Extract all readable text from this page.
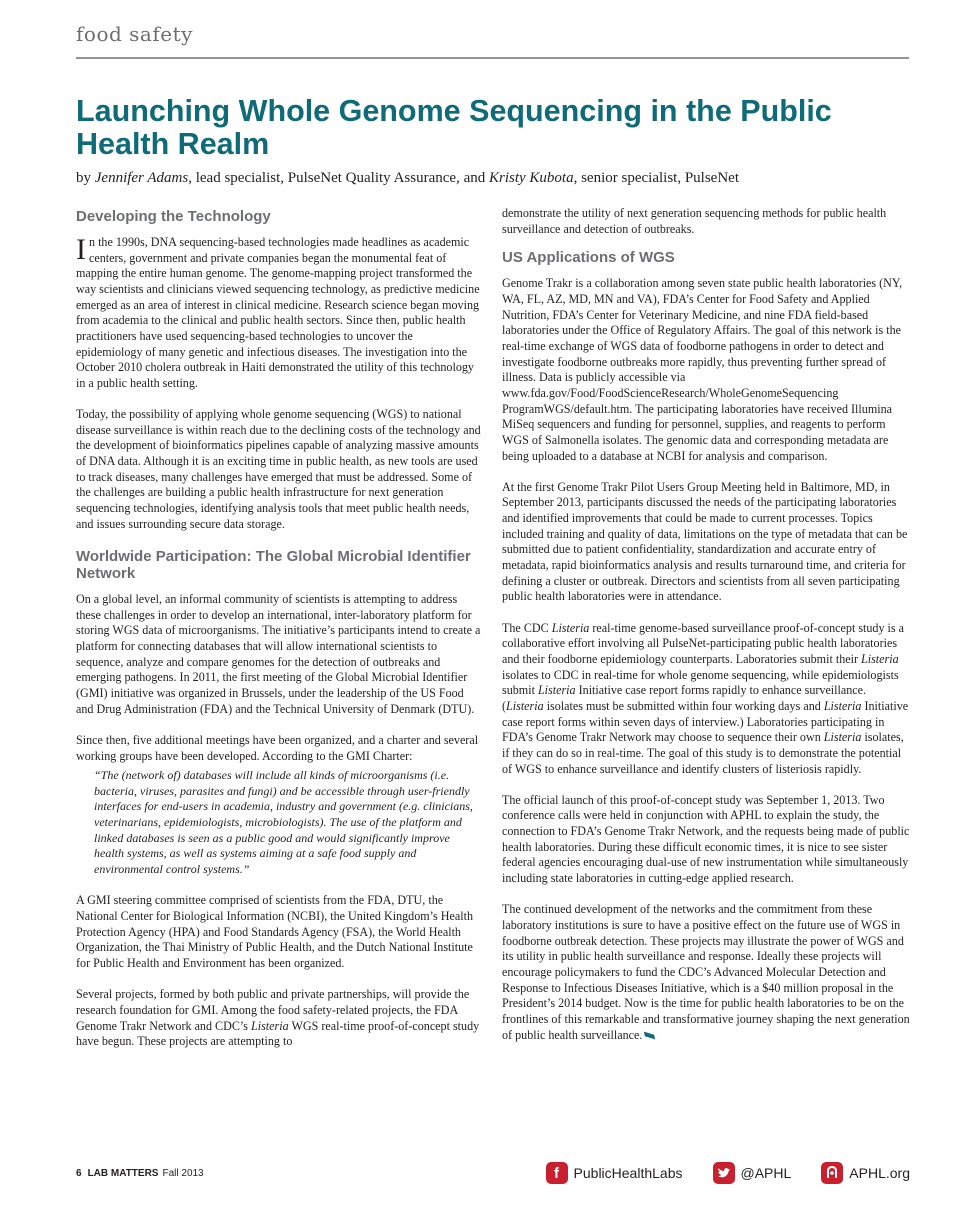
food safety
Launching Whole Genome Sequencing in the Public Health Realm
by Jennifer Adams, lead specialist, PulseNet Quality Assurance, and Kristy Kubota, senior specialist, PulseNet
Developing the Technology

In the 1990s, DNA sequencing-based technologies made headlines as academic centers, government and private companies began the monumental feat of mapping the entire human genome. The genome-mapping project transformed the way scientists and clinicians viewed sequencing technology, as predictive medicine emerged as an area of interest in clinical medicine. Research science began moving from academia to the clinical and public health sectors. Since then, public health practitioners have used sequencing-based technologies to uncover the epidemiology of many genetic and infectious diseases. The investigation into the October 2010 cholera outbreak in Haiti demonstrated the utility of this technology in a public health setting.

Today, the possibility of applying whole genome sequencing (WGS) to national disease surveillance is within reach due to the declining costs of the technology and the development of bioinformatics pipelines capable of analyzing massive amounts of DNA data. Although it is an exciting time in public health, as new tools are used to track diseases, many challenges have emerged that must be addressed. Some of the challenges are building a public health infrastructure for next generation sequencing technologies, identifying analysis tools that meet public health needs, and issues surrounding secure data storage.

Worldwide Participation: The Global Microbial Identifier Network

On a global level, an informal community of scientists is attempting to address these challenges in order to develop an international, inter-laboratory platform for storing WGS data of microorganisms. The initiative’s participants intend to create a platform for connecting databases that will allow international scientists to sequence, analyze and compare genomes for the detection of outbreaks and emerging pathogens. In 2011, the first meeting of the Global Microbial Identifier (GMI) initiative was organized in Brussels, under the leadership of the US Food and Drug Administration (FDA) and the Technical University of Denmark (DTU).

Since then, five additional meetings have been organized, and a charter and several working groups have been developed. According to the GMI Charter:

“The (network of) databases will include all kinds of microorganisms (i.e. bacteria, viruses, parasites and fungi) and be accessible through user-friendly interfaces for end-users in academia, industry and government (e.g. clinicians, veterinarians, epidemiologists, microbiologists). The use of the platform and linked databases is seen as a public good and would significantly improve health systems, as well as systems aiming at a safe food supply and environmental control systems.”

A GMI steering committee comprised of scientists from the FDA, DTU, the National Center for Biological Information (NCBI), the United Kingdom’s Health Protection Agency (HPA) and Food Standards Agency (FSA), the World Health Organization, the Thai Ministry of Public Health, and the Dutch National Institute for Public Health and Environment has been organized.

Several projects, formed by both public and private partnerships, will provide the research foundation for GMI. Among the food safety-related projects, the FDA Genome Trakr Network and CDC’s Listeria WGS real-time proof-of-concept study have begun. These projects are attempting to

demonstrate the utility of next generation sequencing methods for public health surveillance and detection of outbreaks.

US Applications of WGS

Genome Trakr is a collaboration among seven state public health laboratories (NY, WA, FL, AZ, MD, MN and VA), FDA’s Center for Food Safety and Applied Nutrition, FDA’s Center for Veterinary Medicine, and nine FDA field-based laboratories under the Office of Regulatory Affairs. The goal of this network is the real-time exchange of WGS data of foodborne pathogens in order to detect and investigate foodborne outbreaks more rapidly, thus preventing further spread of illness. Data is publicly accessible via www.fda.gov/Food/FoodScienceResearch/WholeGenomeSequencing ProgramWGS/default.htm. The participating laboratories have received Illumina MiSeq sequencers and funding for personnel, supplies, and reagents to perform WGS of Salmonella isolates. The genomic data and corresponding metadata are being uploaded to a database at NCBI for analysis and comparison.

At the first Genome Trakr Pilot Users Group Meeting held in Baltimore, MD, in September 2013, participants discussed the needs of the participating laboratories and identified improvements that could be made to current processes. Topics included training and quality of data, limitations on the type of metadata that can be submitted due to patient confidentiality, standardization and accurate entry of metadata, rapid bioinformatics analysis and results turnaround time, and criteria for defining a cluster or outbreak. Directors and scientists from all seven participating public health laboratories were in attendance.

The CDC Listeria real-time genome-based surveillance proof-of-concept study is a collaborative effort involving all PulseNet-participating public health laboratories and their foodborne epidemiology counterparts. Laboratories submit their Listeria isolates to CDC in real-time for whole genome sequencing, while epidemiologists submit Listeria Initiative case report forms rapidly to enhance surveillance. (Listeria isolates must be submitted within four working days and Listeria Initiative case report forms within seven days of interview.) Laboratories participating in FDA’s Genome Trakr Network may choose to sequence their own Listeria isolates, if they can do so in real-time. The goal of this study is to demonstrate the potential of WGS to enhance surveillance and identify clusters of listeriosis rapidly.

The official launch of this proof-of-concept study was September 1, 2013. Two conference calls were held in conjunction with APHL to explain the study, the connection to FDA’s Genome Trakr Network, and the requests being made of public health laboratories. During these difficult economic times, it is nice to see sister federal agencies encouraging dual-use of new instrumentation while simultaneously including state laboratories in cutting-edge applied research.

The continued development of the networks and the commitment from these laboratory institutions is sure to have a positive effect on the future use of WGS in foodborne outbreak detection. These projects may illustrate the power of WGS and its utility in public health surveillance and response. Ideally these projects will encourage policymakers to fund the CDC’s Advanced Molecular Detection and Response to Infectious Diseases Initiative, which is a $40 million proposal in the President’s 2014 budget. Now is the time for public health laboratories to be on the frontlines of this remarkable and transformative journey shaping the next generation of public health surveillance.

6 LAB MATTERS Fall 2013	f	PublicHealthLabs	@APHL	APHL.org
